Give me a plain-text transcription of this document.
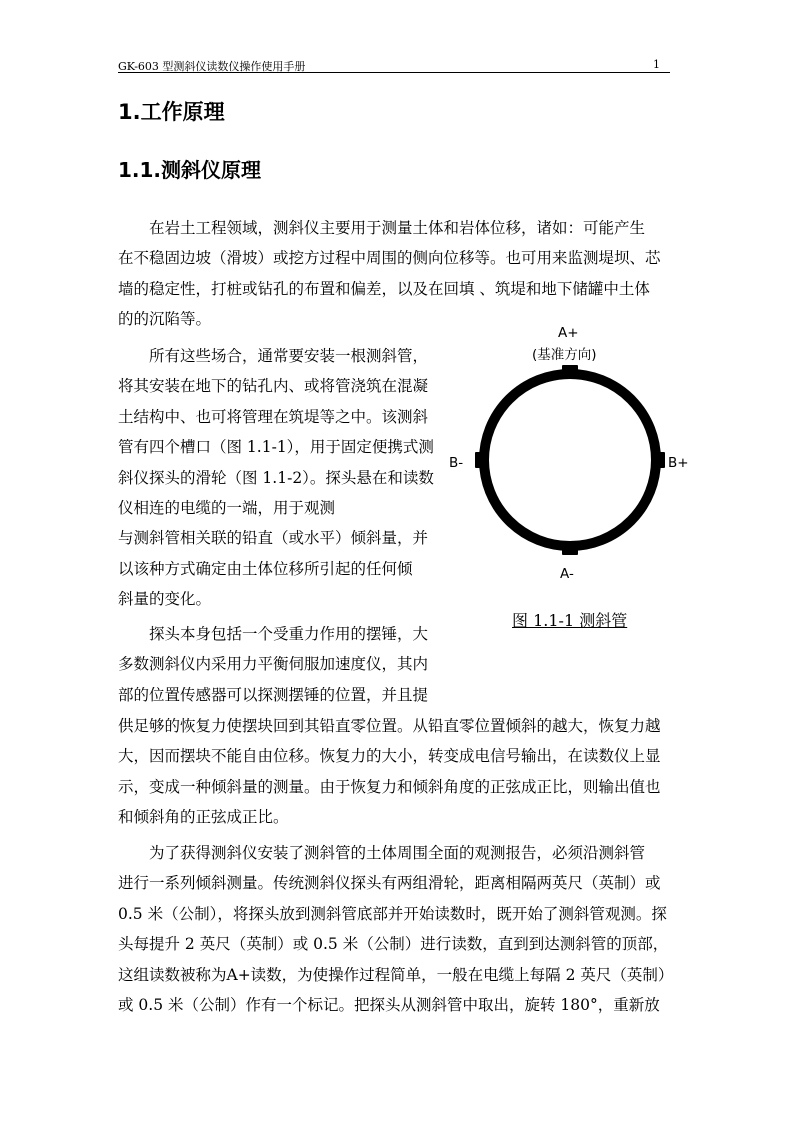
GK-603 型测斜仪读数仪操作使用手册	1
1.工作原理
1.1.测斜仪原理
在岩土工程领域，测斜仪主要用于测量土体和岩体位移，诸如：可能产生
在不稳固边坡（滑坡）或挖方过程中周围的侧向位移等。也可用来监测堤坝、芯
墙的稳定性，打桩或钻孔的布置和偏差，以及在回填 、筑堤和地下储罐中土体
的的沉陷等。
所有这些场合，通常要安装一根测斜管，
将其安装在地下的钻孔内、或将管浇筑在混凝
土结构中、也可将管理在筑堤等之中。该测斜
管有四个槽口（图 1.1-1），用于固定便携式测
斜仪探头的滑轮（图 1.1-2）。探头悬在和读数
仪相连的电缆的一端，用于观测
与测斜管相关联的铅直（或水平）倾斜量，并
以该种方式确定由土体位移所引起的任何倾
斜量的变化。
探头本身包括一个受重力作用的摆锤，大
多数测斜仪内采用力平衡伺服加速度仪，其内
部的位置传感器可以探测摆锤的位置，并且提
供足够的恢复力使摆块回到其铅直零位置。从铅直零位置倾斜的越大，恢复力越
大，因而摆块不能自由位移。恢复力的大小，转变成电信号输出，在读数仪上显
示，变成一种倾斜量的测量。由于恢复力和倾斜角度的正弦成正比，则输出值也
和倾斜角的正弦成正比。
为了获得测斜仪安装了测斜管的土体周围全面的观测报告，必须沿测斜管
进行一系列倾斜测量。传统测斜仪探头有两组滑轮，距离相隔两英尺（英制）或
0.5 米（公制），将探头放到测斜管底部并开始读数时，既开始了测斜管观测。探
头每提升 2 英尺（英制）或 0.5 米（公制）进行读数，直到到达测斜管的顶部，
这组读数被称为A+读数，为使操作过程简单，一般在电缆上每隔 2 英尺（英制）
或 0.5 米（公制）作有一个标记。把探头从测斜管中取出，旋转 180°，重新放
A+
(基准方向)
A-
B-	B+
图 1.1-1 测斜管
